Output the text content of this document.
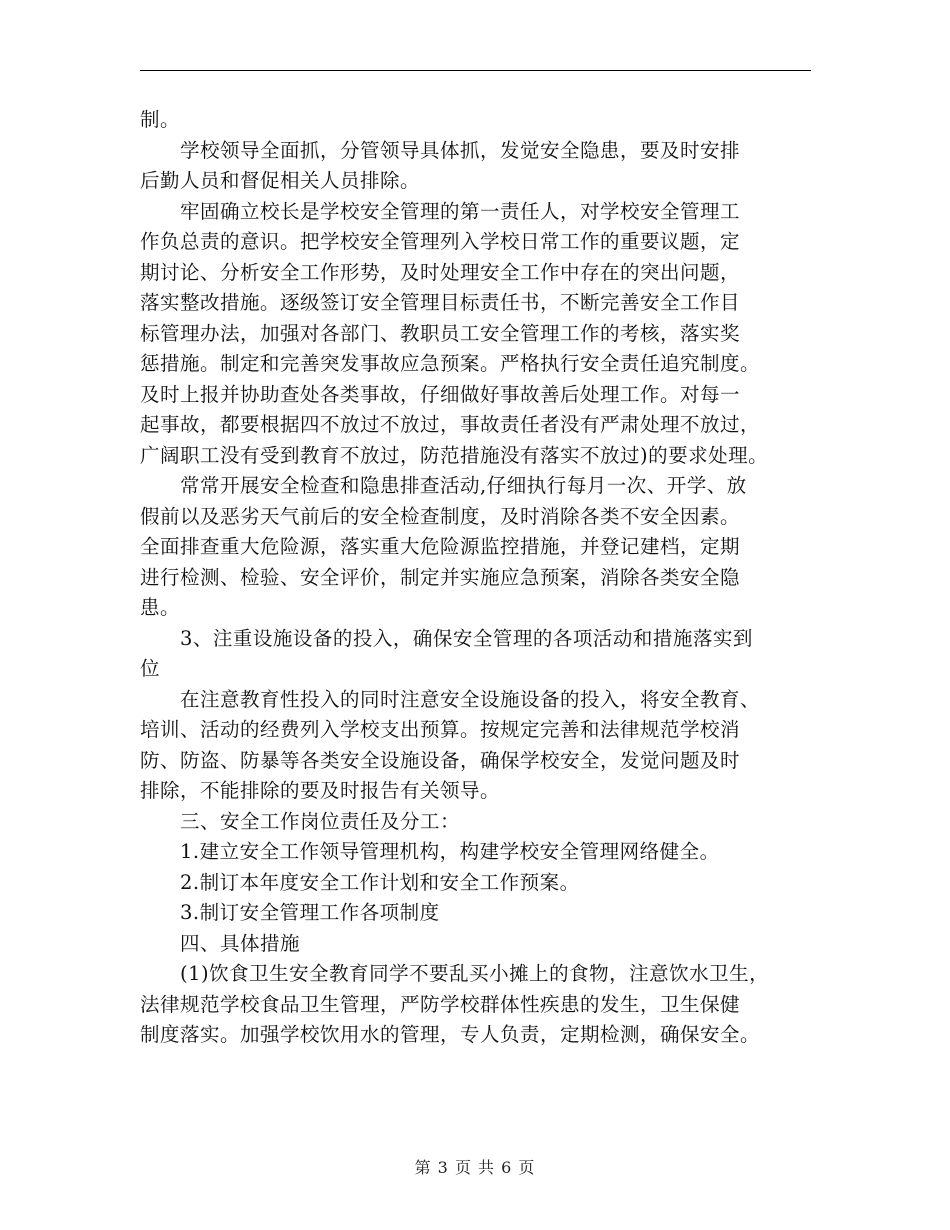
制。
　　学校领导全面抓，分管领导具体抓，发觉安全隐患，要及时安排
后勤人员和督促相关人员排除。
　　牢固确立校长是学校安全管理的第一责任人，对学校安全管理工
作负总责的意识。把学校安全管理列入学校日常工作的重要议题，定
期讨论、分析安全工作形势，及时处理安全工作中存在的突出问题，
落实整改措施。逐级签订安全管理目标责任书，不断完善安全工作目
标管理办法，加强对各部门、教职员工安全管理工作的考核，落实奖
惩措施。制定和完善突发事故应急预案。严格执行安全责任追究制度。
及时上报并协助查处各类事故，仔细做好事故善后处理工作。对每一
起事故，都要根据四不放过不放过，事故责任者没有严肃处理不放过，
广阔职工没有受到教育不放过，防范措施没有落实不放过)的要求处理。
　　常常开展安全检查和隐患排查活动,仔细执行每月一次、开学、放
假前以及恶劣天气前后的安全检查制度，及时消除各类不安全因素。
全面排查重大危险源，落实重大危险源监控措施，并登记建档，定期
进行检测、检验、安全评价，制定并实施应急预案，消除各类安全隐
患。
　　3、注重设施设备的投入，确保安全管理的各项活动和措施落实到
位
　　在注意教育性投入的同时注意安全设施设备的投入，将安全教育、
培训、活动的经费列入学校支出预算。按规定完善和法律规范学校消
防、防盗、防暴等各类安全设施设备，确保学校安全，发觉问题及时
排除，不能排除的要及时报告有关领导。
　　三、安全工作岗位责任及分工：
　　1.建立安全工作领导管理机构，构建学校安全管理网络健全。
　　2.制订本年度安全工作计划和安全工作预案。
　　3.制订安全管理工作各项制度
　　四、具体措施
　　(1)饮食卫生安全教育同学不要乱买小摊上的食物，注意饮水卫生，
法律规范学校食品卫生管理，严防学校群体性疾患的发生，卫生保健
制度落实。加强学校饮用水的管理，专人负责，定期检测，确保安全。
第 3 页 共 6 页
